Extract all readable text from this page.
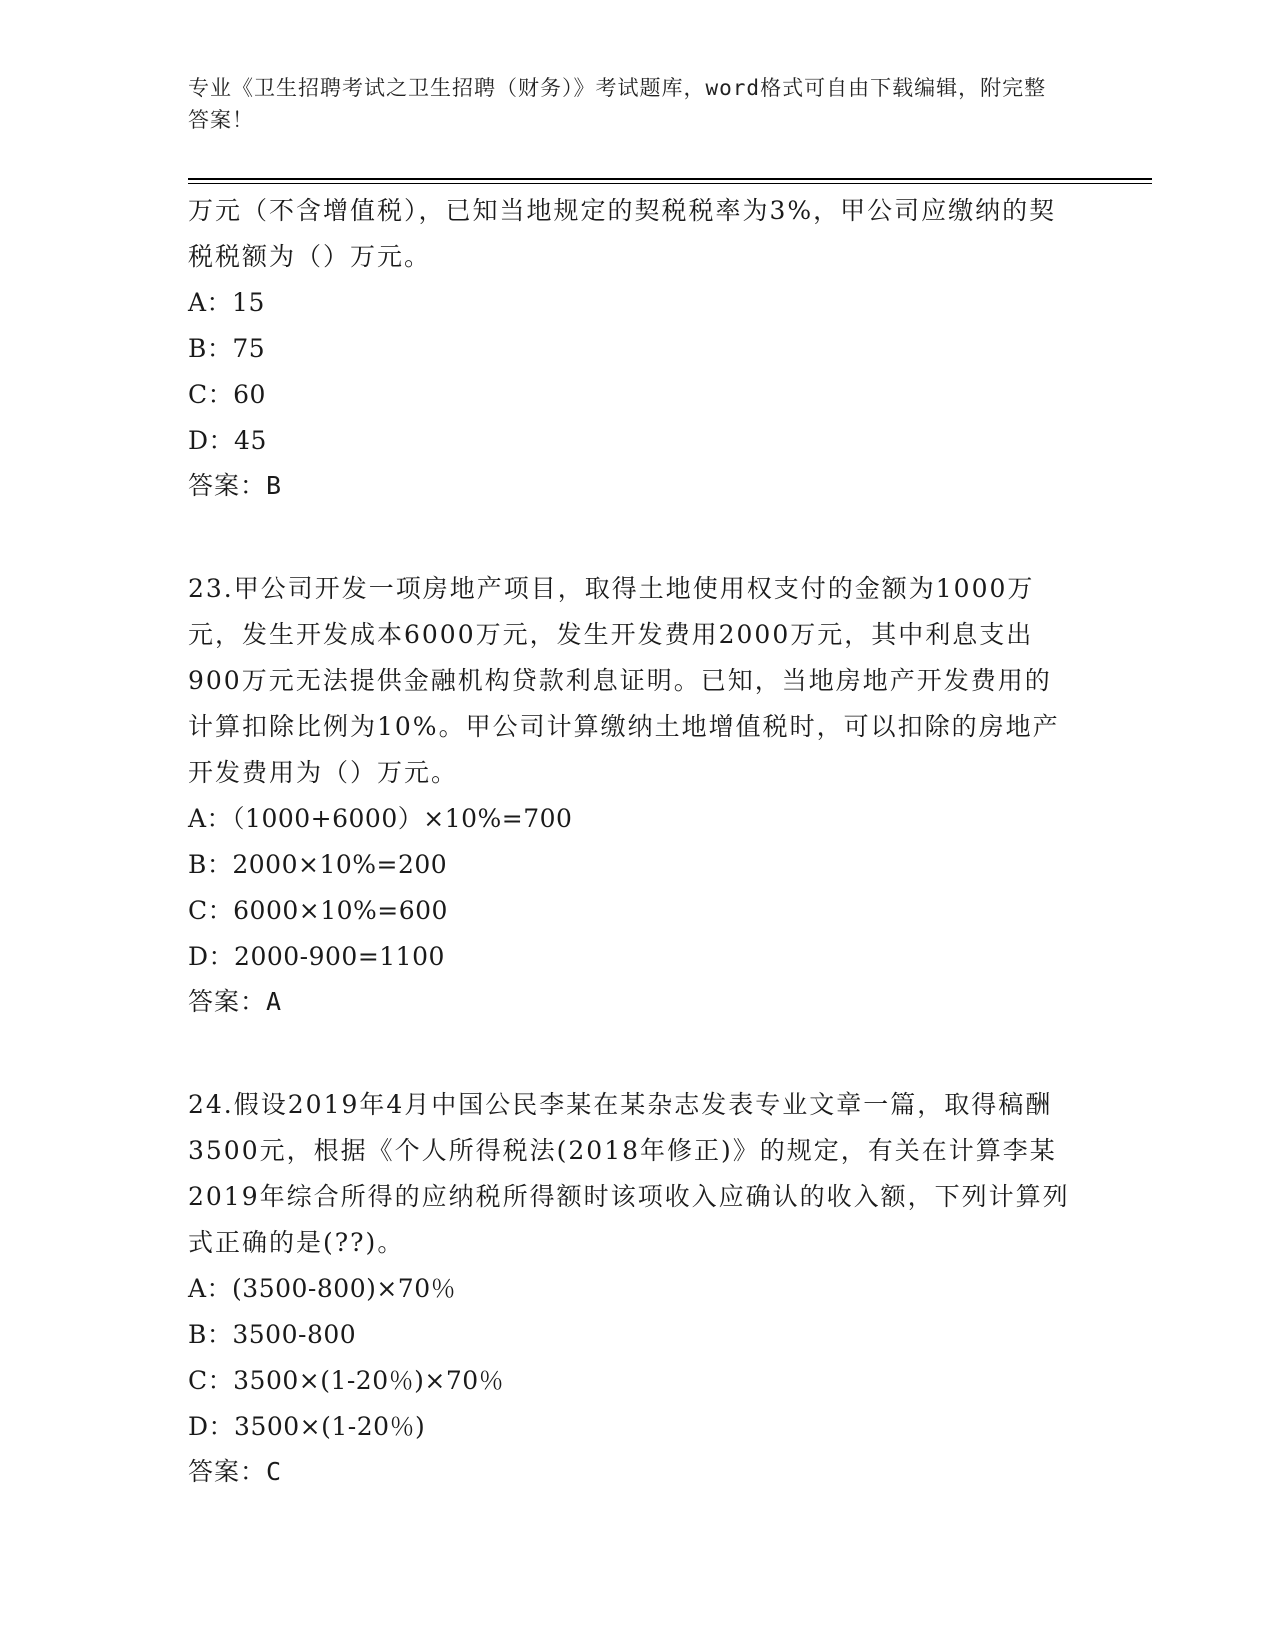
专业《卫生招聘考试之卫生招聘（财务）》考试题库，word格式可自由下载编辑，附完整答案！

万元（不含增值税），已知当地规定的契税税率为3%，甲公司应缴纳的契税税额为（）万元。

A：15

B：75

C：60

D：45

答案：B

23.甲公司开发一项房地产项目，取得土地使用权支付的金额为1000万元，发生开发成本6000万元，发生开发费用2000万元，其中利息支出900万元无法提供金融机构贷款利息证明。已知，当地房地产开发费用的计算扣除比例为10%。甲公司计算缴纳土地增值税时，可以扣除的房地产开发费用为（）万元。

A：（1000+6000）×10%=700

B：2000×10%=200

C：6000×10%=600

D：2000-900=1100

答案：A

24.假设2019年4月中国公民李某在某杂志发表专业文章一篇，取得稿酬3500元，根据《个人所得税法(2018年修正)》的规定，有关在计算李某2019年综合所得的应纳税所得额时该项收入应确认的收入额，下列计算列式正确的是(??)。

A：(3500-800)×70％

B：3500-800

C：3500×(1-20％)×70％

D：3500×(1-20％)

答案：C
